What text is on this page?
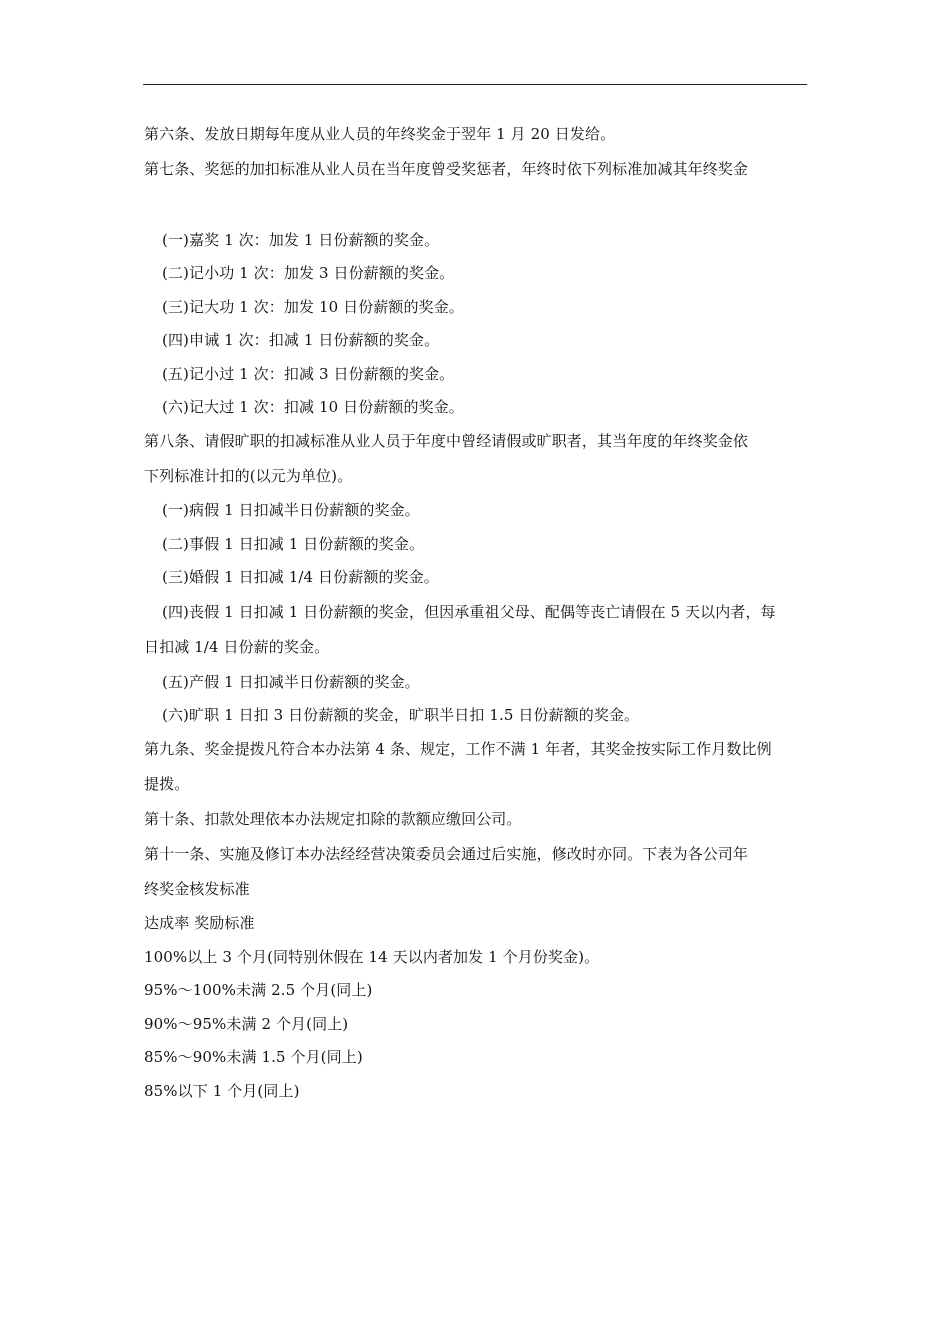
第六条、发放日期每年度从业人员的年终奖金于翌年 1 月 20 日发给。
第七条、奖惩的加扣标准从业人员在当年度曾受奖惩者，年终时依下列标准加减其年终奖金
(一)嘉奖 1 次：加发 1 日份薪额的奖金。
(二)记小功 1 次：加发 3 日份薪额的奖金。
(三)记大功 1 次：加发 10 日份薪额的奖金。
(四)申诫 1 次：扣减 1 日份薪额的奖金。
(五)记小过 1 次：扣减 3 日份薪额的奖金。
(六)记大过 1 次：扣减 10 日份薪额的奖金。
第八条、请假旷职的扣减标准从业人员于年度中曾经请假或旷职者，其当年度的年终奖金依
下列标准计扣的(以元为单位)。
(一)病假 1 日扣减半日份薪额的奖金。
(二)事假 1 日扣减 1 日份薪额的奖金。
(三)婚假 1 日扣减 1/4 日份薪额的奖金。
(四)丧假 1 日扣减 1 日份薪额的奖金，但因承重祖父母、配偶等丧亡请假在 5 天以内者，每
日扣减 1/4 日份薪的奖金。
(五)产假 1 日扣减半日份薪额的奖金。
(六)旷职 1 日扣 3 日份薪额的奖金，旷职半日扣 1.5 日份薪额的奖金。
第九条、奖金提拨凡符合本办法第 4 条、规定，工作不满 1 年者，其奖金按实际工作月数比例
提拨。
第十条、扣款处理依本办法规定扣除的款额应缴回公司。
第十一条、实施及修订本办法经经营决策委员会通过后实施，修改时亦同。下表为各公司年
终奖金核发标准
达成率 奖励标准
100%以上 3 个月(同特别休假在 14 天以内者加发 1 个月份奖金)。
95%～100%未满 2.5 个月(同上)
90%～95%未满 2 个月(同上)
85%～90%未满 1.5 个月(同上)
85%以下 1 个月(同上)
